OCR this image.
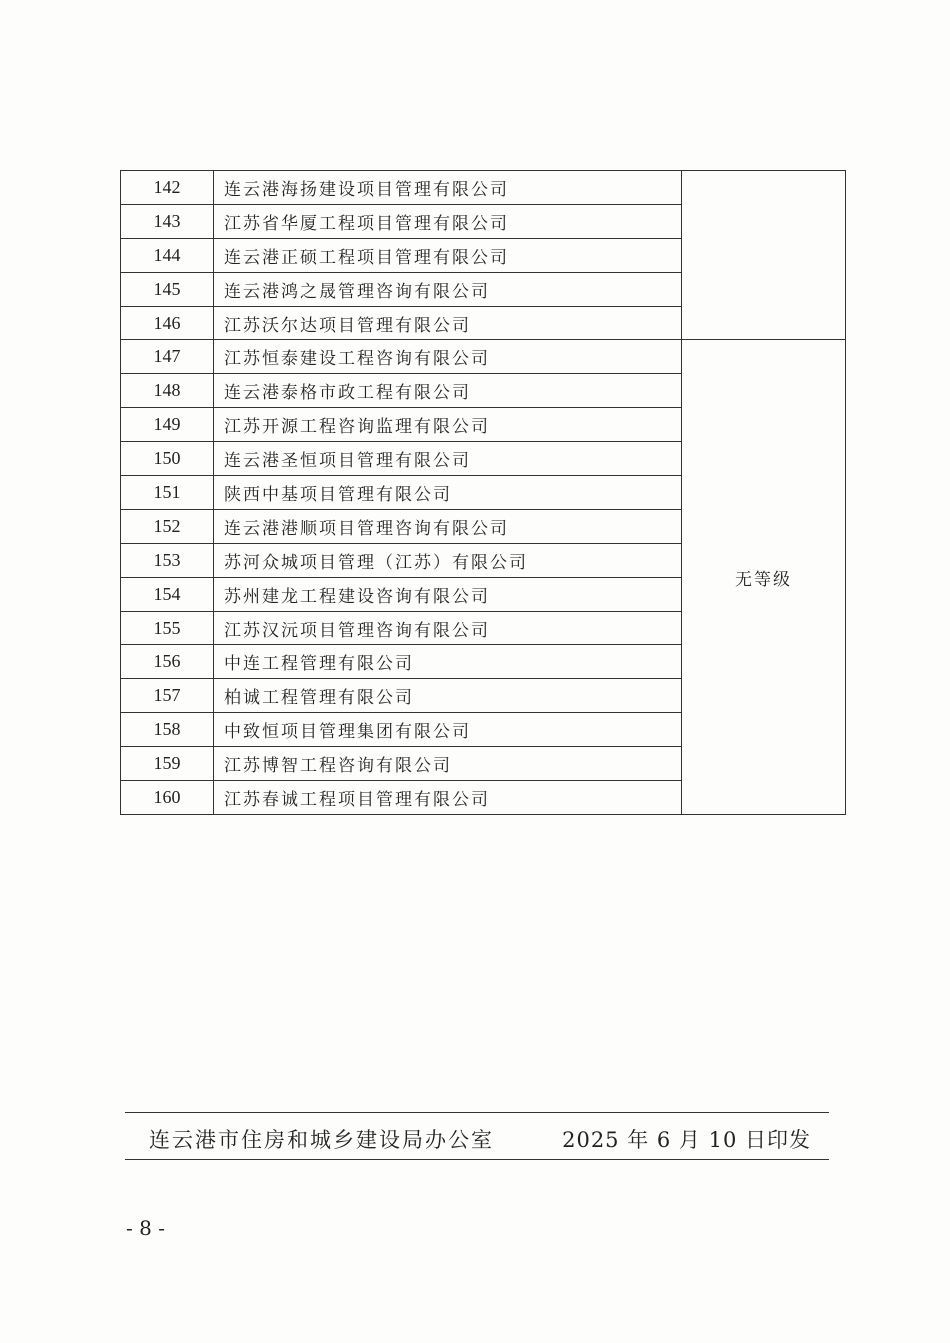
142	连云港海扬建设项目管理有限公司	
143	江苏省华厦工程项目管理有限公司	
144	连云港正硕工程项目管理有限公司	
145	连云港鸿之晟管理咨询有限公司	
146	江苏沃尔达项目管理有限公司	
147	江苏恒泰建设工程咨询有限公司	无等级
148	连云港泰格市政工程有限公司	
149	江苏开源工程咨询监理有限公司	
150	连云港圣恒项目管理有限公司	
151	陕西中基项目管理有限公司	
152	连云港港顺项目管理咨询有限公司	
153	苏河众城项目管理（江苏）有限公司	
154	苏州建龙工程建设咨询有限公司	
155	江苏汉沅项目管理咨询有限公司	
156	中连工程管理有限公司	
157	柏诚工程管理有限公司	
158	中致恒项目管理集团有限公司	
159	江苏博智工程咨询有限公司	
160	江苏春诚工程项目管理有限公司	
连云港市住房和城乡建设局办公室	2025 年 6 月 10 日印发
- 8 -
